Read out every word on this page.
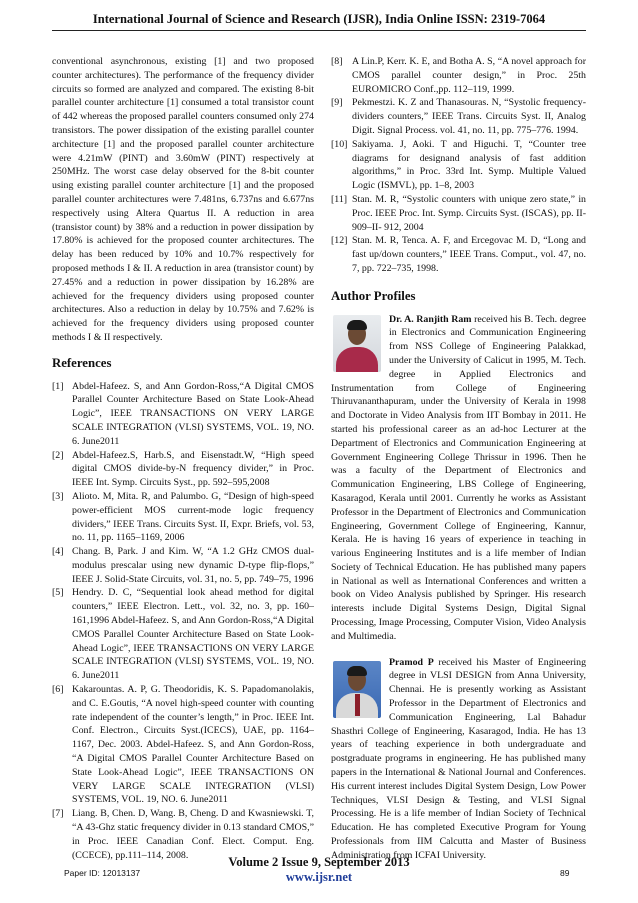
International Journal of Science and Research (IJSR), India Online ISSN: 2319-7064

conventional asynchronous, existing [1] and two proposed counter architectures). The performance of the frequency divider circuits so formed are analyzed and compared. The existing 8-bit parallel counter architecture [1] consumed a total transistor count of 442 whereas the proposed parallel counters consumed only 274 transistors. The power dissipation of the existing parallel counter architecture [1] and the proposed parallel counter architecture were 4.21mW (PINT) and 3.60mW (PINT) respectively at 250MHz. The worst case delay observed for the 8-bit counter using existing parallel counter architecture [1] and the proposed parallel counter architectures were 7.481ns, 6.737ns and 6.677ns respectively using Altera Quartus II. A reduction in area (transistor count) by 38% and a reduction in power dissipation by 17.80% is achieved for the proposed counter architectures. The delay has been reduced by 10% and 10.7% respectively for proposed methods I & II. A reduction in area (transistor count) by 27.45% and a reduction in power dissipation by 16.28% are achieved for the frequency dividers using proposed counter architectures. Also a reduction in delay by 10.75% and 7.62% is achieved for the frequency dividers using proposed counter methods I & II respectively.

References
[1] Abdel-Hafeez. S, and Ann Gordon-Ross,“A Digital CMOS Parallel Counter Architecture Based on State Look-Ahead Logic”, IEEE TRANSACTIONS ON VERY LARGE SCALE INTEGRATION (VLSI) SYSTEMS, VOL. 19, NO. 6. June2011
[2] Abdel-Hafeez.S, Harb.S, and Eisenstadt.W, “High speed digital CMOS divide-by-N frequency divider,” in Proc. IEEE Int. Symp. Circuits Syst., pp. 592–595,2008
[3] Alioto. M, Mita. R, and Palumbo. G, “Design of high-speed power-efficient MOS current-mode logic frequency dividers,” IEEE Trans. Circuits Syst. II, Expr. Briefs, vol. 53, no. 11, pp. 1165–1169, 2006
[4] Chang. B, Park. J and Kim. W, “A 1.2 GHz CMOS dual-modulus prescalar using new dynamic D-type flip-flops,” IEEE J. Solid-State Circuits, vol. 31, no. 5, pp. 749–75, 1996
[5] Hendry. D. C, “Sequential look ahead method for digital counters,” IEEE Electron. Lett., vol. 32, no. 3, pp. 160–161,1996 Abdel-Hafeez. S, and Ann Gordon-Ross,“A Digital CMOS Parallel Counter Architecture Based on State Look-Ahead Logic”, IEEE TRANSACTIONS ON VERY LARGE SCALE INTEGRATION (VLSI) SYSTEMS, VOL. 19, NO. 6. June2011
[6] Kakarountas. A. P, G. Theodoridis, K. S. Papadomanolakis, and C. E.Goutis, “A novel high-speed counter with counting rate independent of the counter’s length,” in Proc. IEEE Int. Conf. Electron., Circuits Syst.(ICECS), UAE, pp. 1164–1167, Dec. 2003. Abdel-Hafeez. S, and Ann Gordon-Ross, “A Digital CMOS Parallel Counter Architecture Based on State Look-Ahead Logic”, IEEE TRANSACTIONS ON VERY LARGE SCALE INTEGRATION (VLSI) SYSTEMS, VOL. 19, NO. 6. June2011
[7] Liang. B, Chen. D, Wang. B, Cheng. D and Kwasniewski. T, “A 43-Ghz static frequency divider in 0.13 standard CMOS,” in Proc. IEEE Canadian Conf. Elect. Comput. Eng. (CCECE), pp.111–114, 2008.
[8] A Lin.P, Kerr. K. E, and Botha A. S, “A novel approach for CMOS parallel counter design,” in Proc. 25th EUROMICRO Conf.,pp. 112–119, 1999.
[9] Pekmestzi. K. Z and Thanasouras. N, “Systolic frequency-dividers counters,” IEEE Trans. Circuits Syst. II, Analog Digit. Signal Process. vol. 41, no. 11, pp. 775–776. 1994.
[10] Sakiyama. J, Aoki. T and Higuchi. T, “Counter tree diagrams for designand analysis of fast addition algorithms,” in Proc. 33rd Int. Symp. Multiple Valued Logic (ISMVL), pp. 1–8, 2003
[11] Stan. M. R, “Systolic counters with unique zero state,” in Proc. IEEE Proc. Int. Symp. Circuits Syst. (ISCAS), pp. II-909–II- 912, 2004
[12] Stan. M. R, Tenca. A. F, and Ercegovac M. D, “Long and fast up/down counters,” IEEE Trans. Comput., vol. 47, no. 7, pp. 722–735, 1998.
Author Profiles

Dr. A. Ranjith Ram received his B. Tech. degree in Electronics and Communication Engineering from NSS College of Engineering Palakkad, under the University of Calicut in 1995, M. Tech. degree in Applied Electronics and Instrumentation from College of Engineering Thiruvananthapuram, under the University of Kerala in 1998 and Doctorate in Video Analysis from IIT Bombay in 2011. He started his professional career as an ad-hoc Lecturer at the Department of Electronics and Communication Engineering at Government Engineering College Thrissur in 1996. Then he was a faculty of the Department of Electronics and Communication Engineering, LBS College of Engineering, Kasaragod, Kerala until 2001. Currently he works as Assistant Professor in the Department of Electronics and Communication Engineering, Government College of Engineering, Kannur, Kerala. He is having 16 years of experience in teaching in various Engineering Institutes and is a life member of Indian Society of Technical Education. He has published many papers in National as well as International Conferences and written a book on Video Analysis published by Springer. His research interests include Digital Systems Design, Digital Signal Processing, Image Processing, Computer Vision, Video Analysis and Multimedia.

Pramod P received his Master of Engineering degree in VLSI DESIGN from Anna University, Chennai. He is presently working as Assistant Professor in the Department of Electronics and Communication Engineering, Lal Bahadur Shasthri College of Engineering, Kasaragod, India. He has 13 years of teaching experience in both undergraduate and postgraduate programs in engineering. He has published many papers in the International & National Journal and Conferences. His current interest includes Digital System Design, Low Power Techniques, VLSI Design & Testing, and VLSI Signal Processing. He is a life member of Indian Society of Technical Education. He has completed Executive Program for Young Professionals from IIM Calcutta and Master of Business Administration from ICFAI University.

Volume 2 Issue 9, September 2013
www.ijsr.net
Paper ID: 12013137	89
